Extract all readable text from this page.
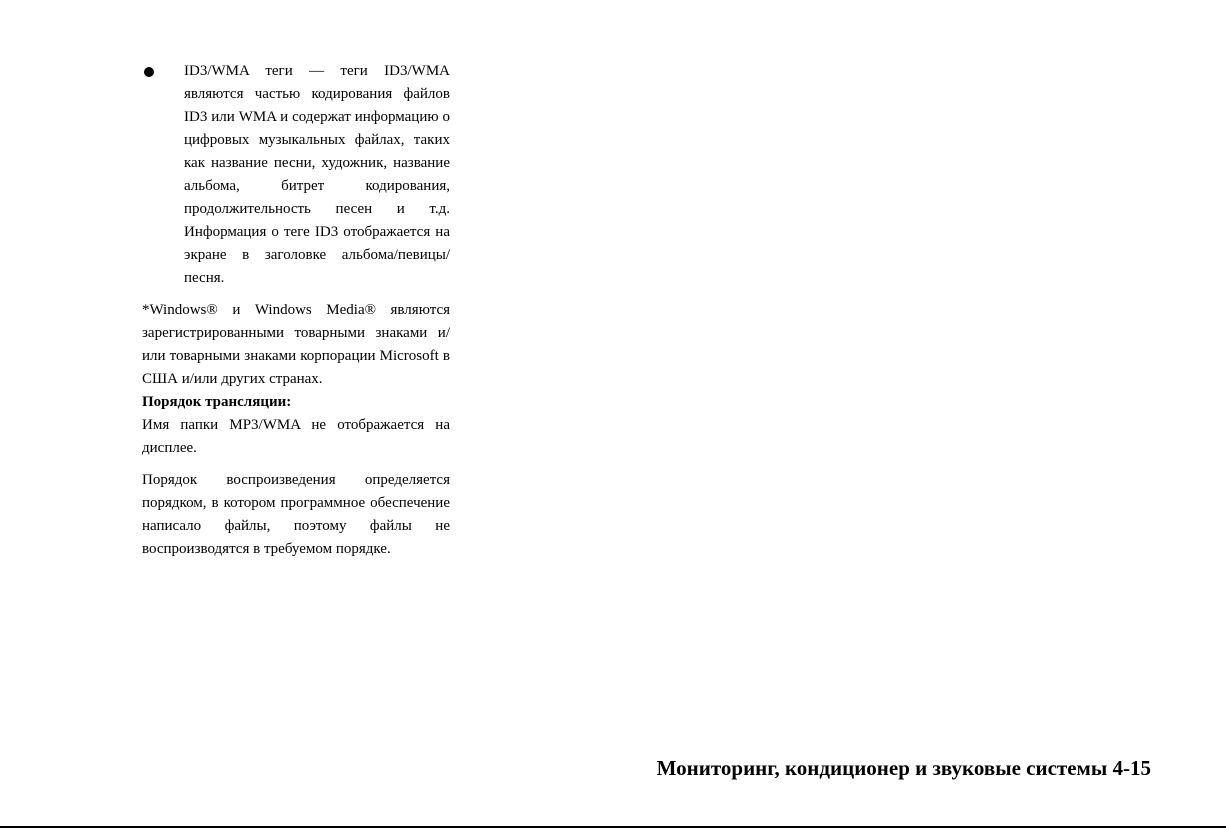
ID3/WMA теги — теги ID3/WMA являются частью кодирования файлов ID3 или WMA и содержат информацию о цифровых музыкальных файлах, таких как название песни, художник, название альбома, битрет кодирования, продолжительность песен и т.д. Информация о теге ID3 отображается на экране в заголовке альбома/певицы/песня.

*Windows® и Windows Media® являются зарегистрированными товарными знаками и/или товарными знаками корпорации Microsoft в США и/или других странах.

Порядок трансляции:

Имя папки MP3/WMA не отображается на дисплее.

Порядок воспроизведения определяется порядком, в котором программное обеспечение написало файлы, поэтому файлы не воспроизводятся в требуемом порядке.

Мониторинг, кондиционер и звуковые системы 4-15
